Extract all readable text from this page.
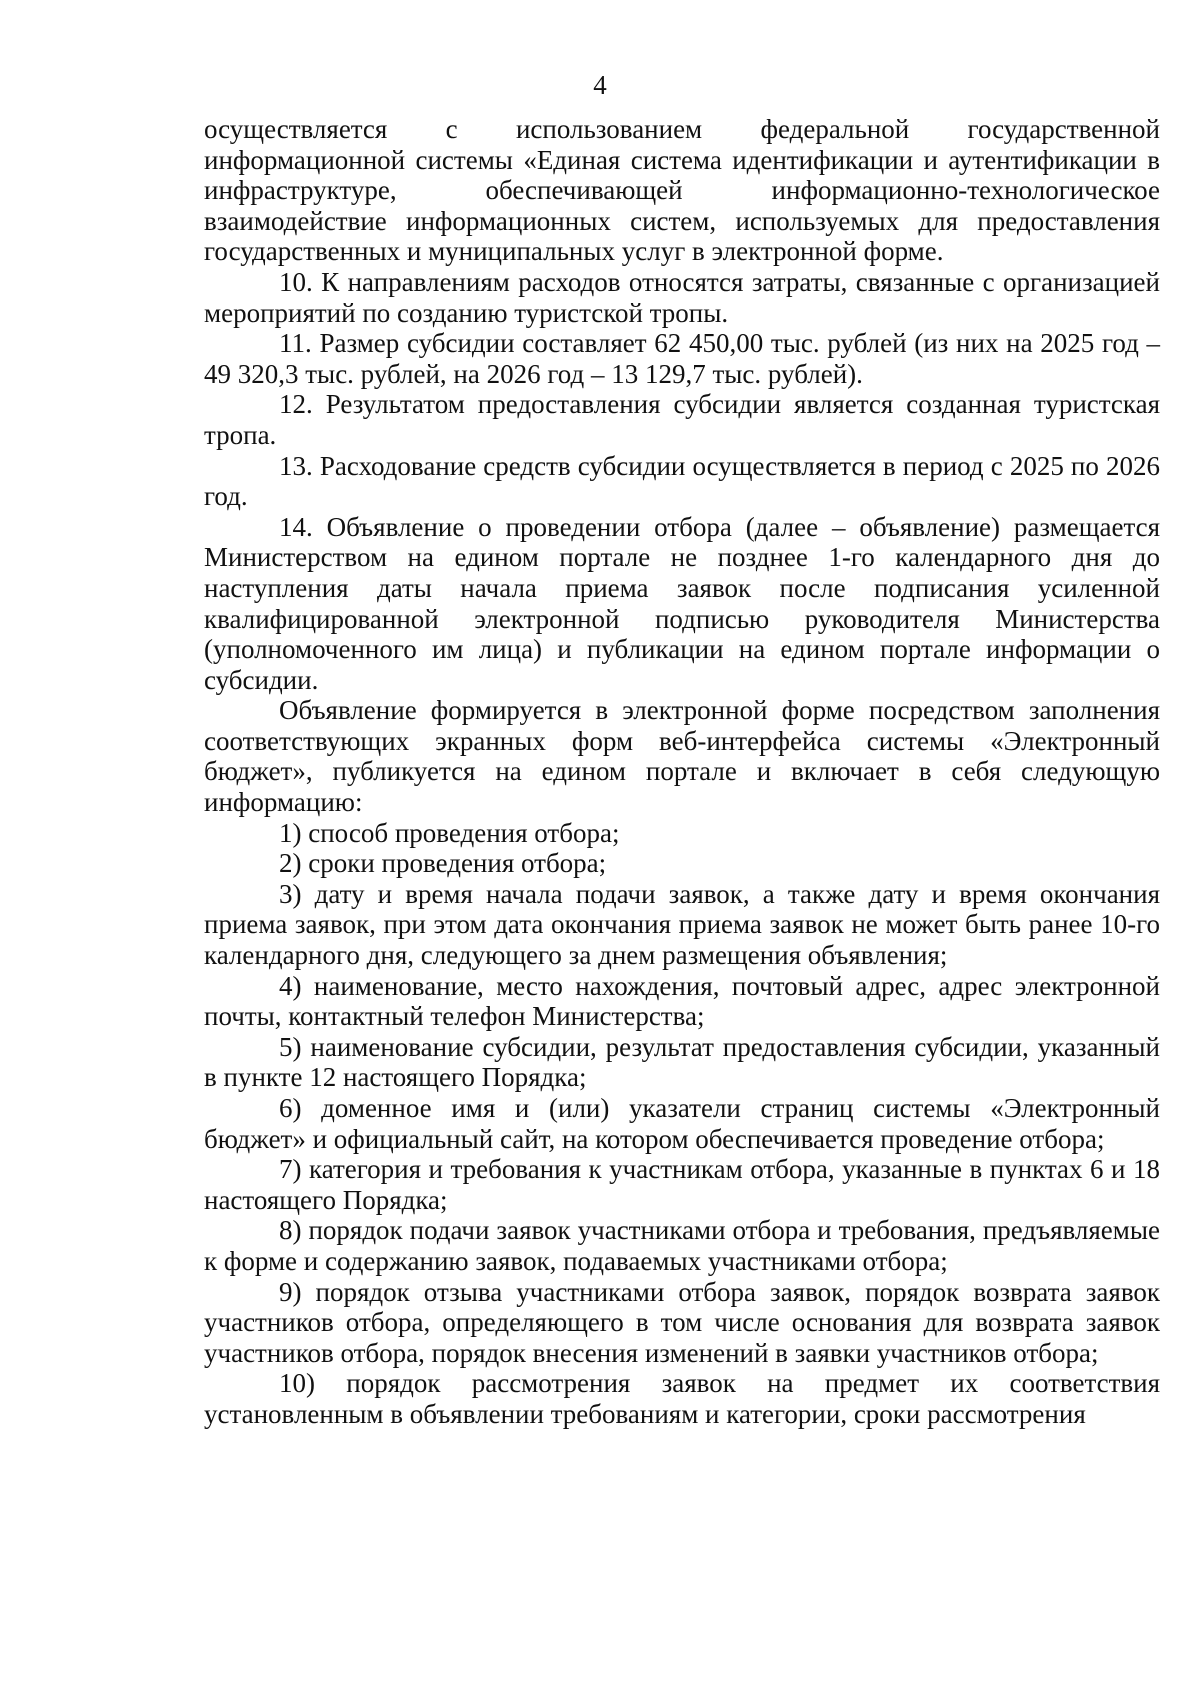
4

осуществляется с использованием федеральной государственной информационной системы «Единая система идентификации и аутентификации в инфраструктуре, обеспечивающей информационно-технологическое взаимодействие информационных систем, используемых для предоставления государственных и муниципальных услуг в электронной форме.

10. К направлениям расходов относятся затраты, связанные с организацией мероприятий по созданию туристской тропы.

11. Размер субсидии составляет 62 450,00 тыс. рублей (из них на 2025 год – 49 320,3 тыс. рублей, на 2026 год – 13 129,7 тыс. рублей).

12. Результатом предоставления субсидии является созданная туристская тропа.

13. Расходование средств субсидии осуществляется в период с 2025 по 2026 год.

14. Объявление о проведении отбора (далее – объявление) размещается Министерством на едином портале не позднее 1-го календарного дня до наступления даты начала приема заявок после подписания усиленной квалифицированной электронной подписью руководителя Министерства (уполномоченного им лица) и публикации на едином портале информации о субсидии.

Объявление формируется в электронной форме посредством заполнения соответствующих экранных форм веб-интерфейса системы «Электронный бюджет», публикуется на едином портале и включает в себя следующую информацию:

1) способ проведения отбора;

2) сроки проведения отбора;

3) дату и время начала подачи заявок, а также дату и время окончания приема заявок, при этом дата окончания приема заявок не может быть ранее 10-го календарного дня, следующего за днем размещения объявления;

4) наименование, место нахождения, почтовый адрес, адрес электронной почты, контактный телефон Министерства;

5) наименование субсидии, результат предоставления субсидии, указанный в пункте 12 настоящего Порядка;

6) доменное имя и (или) указатели страниц системы «Электронный бюджет» и официальный сайт, на котором обеспечивается проведение отбора;

7) категория и требования к участникам отбора, указанные в пунктах 6 и 18 настоящего Порядка;

8) порядок подачи заявок участниками отбора и требования, предъявляемые к форме и содержанию заявок, подаваемых участниками отбора;

9) порядок отзыва участниками отбора заявок, порядок возврата заявок участников отбора, определяющего в том числе основания для возврата заявок участников отбора, порядок внесения изменений в заявки участников отбора;

10) порядок рассмотрения заявок на предмет их соответствия установленным в объявлении требованиям и категории, сроки рассмотрения
